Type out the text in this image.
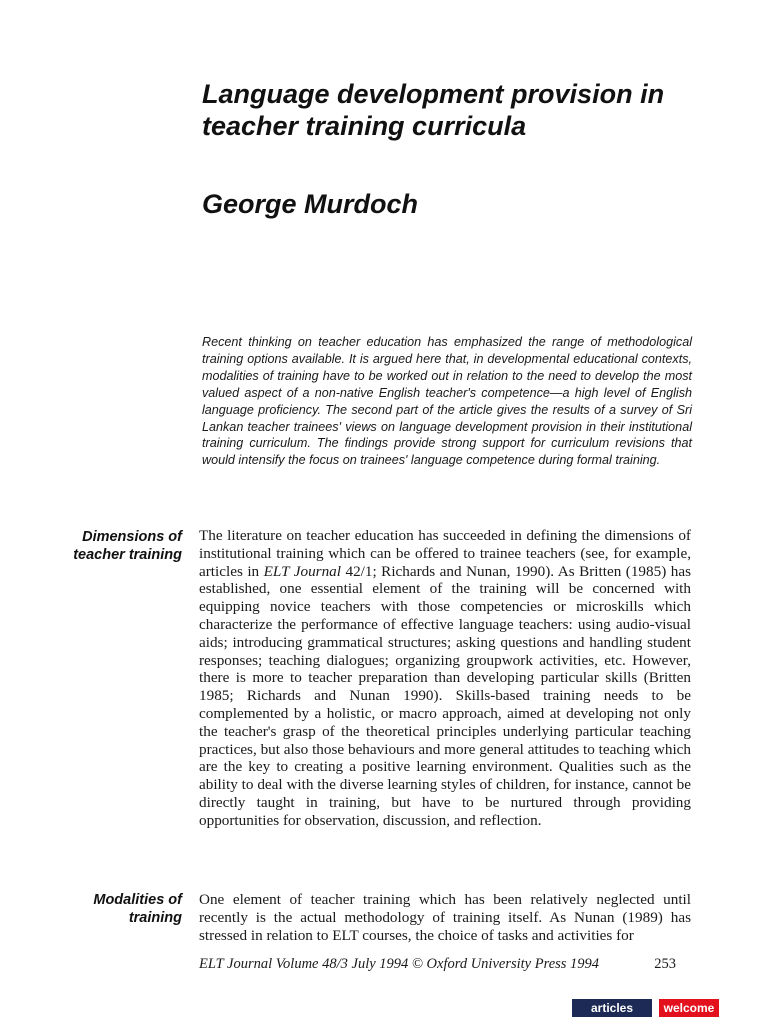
Language development provision in teacher training curricula
George Murdoch

Recent thinking on teacher education has emphasized the range of methodological training options available. It is argued here that, in developmental educational contexts, modalities of training have to be worked out in relation to the need to develop the most valued aspect of a non-native English teacher's competence—a high level of English language proficiency. The second part of the article gives the results of a survey of Sri Lankan teacher trainees' views on language development provision in their institutional training curriculum. The findings provide strong support for curriculum revisions that would intensify the focus on trainees' language competence during formal training.

Dimensions of
teacher training

The literature on teacher education has succeeded in defining the dimensions of institutional training which can be offered to trainee teachers (see, for example, articles in ELT Journal 42/1; Richards and Nunan, 1990). As Britten (1985) has established, one essential element of the training will be concerned with equipping novice teachers with those competencies or microskills which characterize the performance of effective language teachers: using audio-visual aids; introducing grammatical structures; asking questions and handling student responses; teaching dialogues; organizing groupwork activities, etc. However, there is more to teacher preparation than developing particular skills (Britten 1985; Richards and Nunan 1990). Skills-based training needs to be complemented by a holistic, or macro approach, aimed at developing not only the teacher's grasp of the theoretical principles underlying particular teaching practices, but also those behaviours and more general attitudes to teaching which are the key to creating a positive learning environment. Qualities such as the ability to deal with the diverse learning styles of children, for instance, cannot be directly taught in training, but have to be nurtured through providing opportunities for observation, discussion, and reflection.

Modalities of
training

One element of teacher training which has been relatively neglected until recently is the actual methodology of training itself. As Nunan (1989) has stressed in relation to ELT courses, the choice of tasks and activities for

ELT Journal Volume 48/3 July 1994 © Oxford University Press 1994	253
articles	welcome
